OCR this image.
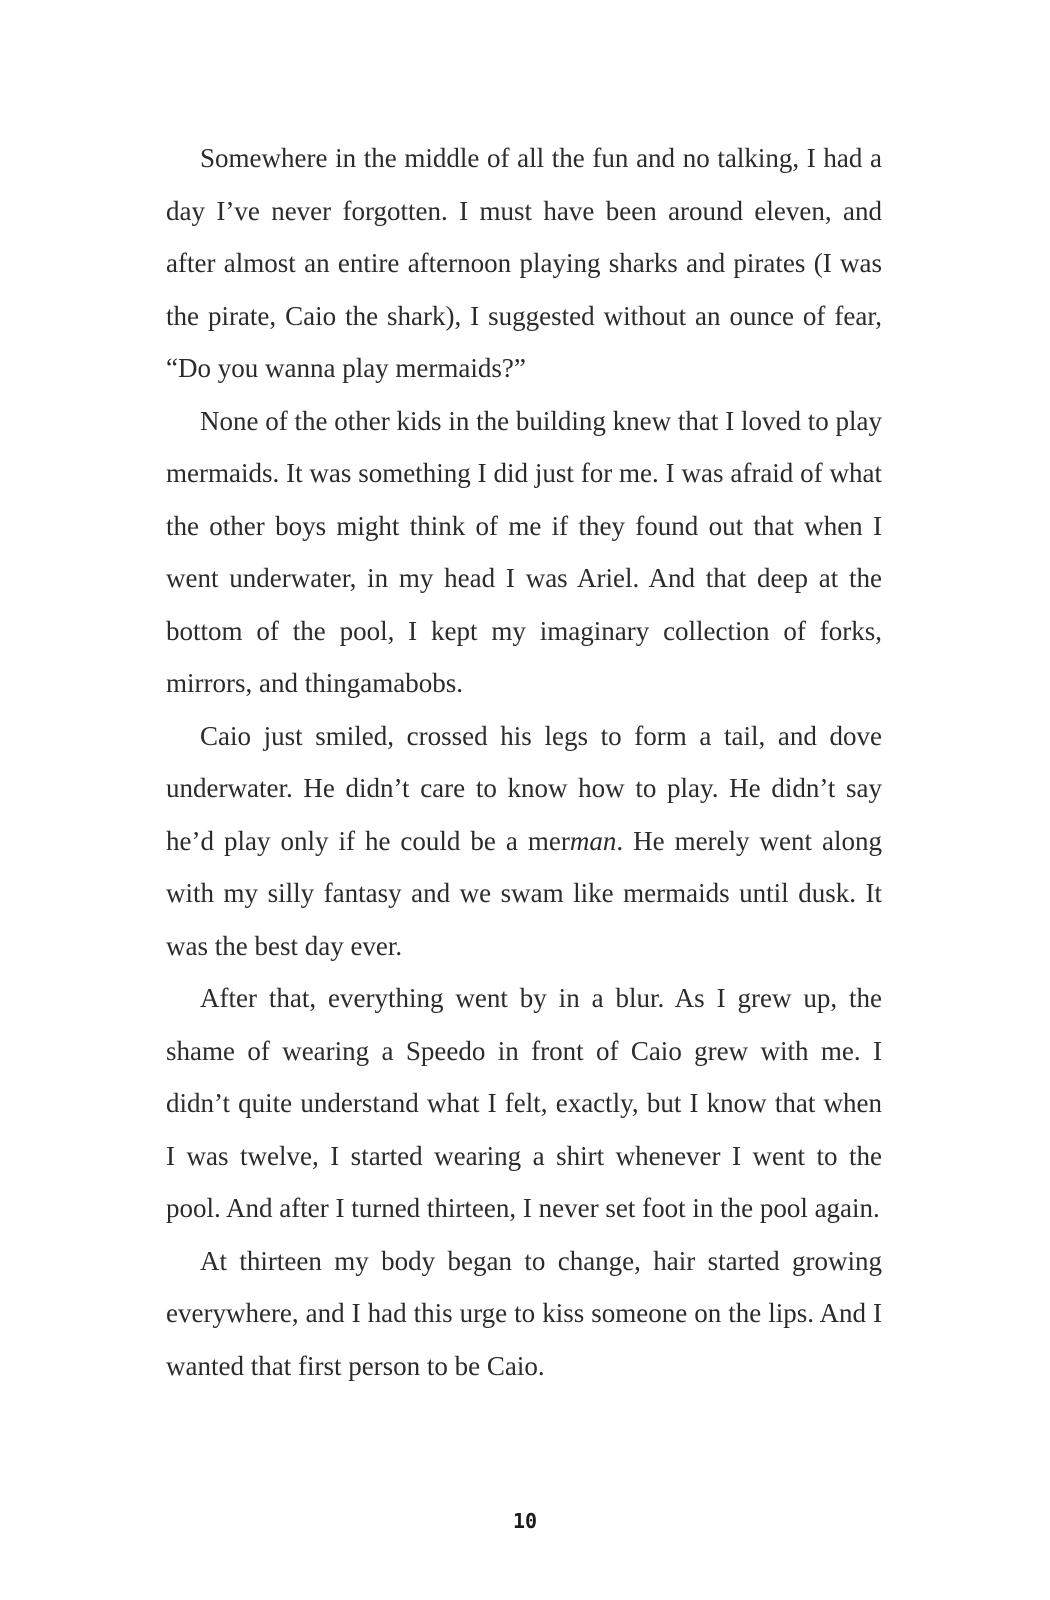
Somewhere in the middle of all the fun and no talking, I had a day I’ve never forgotten. I must have been around eleven, and after almost an entire afternoon playing sharks and pirates (I was the pirate, Caio the shark), I suggested without an ounce of fear, “Do you wanna play mermaids?”

None of the other kids in the building knew that I loved to play mermaids. It was something I did just for me. I was afraid of what the other boys might think of me if they found out that when I went underwater, in my head I was Ariel. And that deep at the bottom of the pool, I kept my imaginary collection of forks, mirrors, and thingamabobs.

Caio just smiled, crossed his legs to form a tail, and dove underwater. He didn’t care to know how to play. He didn’t say he’d play only if he could be a merman. He merely went along with my silly fantasy and we swam like mermaids until dusk. It was the best day ever.

After that, everything went by in a blur. As I grew up, the shame of wearing a Speedo in front of Caio grew with me. I didn’t quite understand what I felt, exactly, but I know that when I was twelve, I started wearing a shirt whenever I went to the pool. And after I turned thirteen, I never set foot in the pool again.

At thirteen my body began to change, hair started growing everywhere, and I had this urge to kiss someone on the lips. And I wanted that first person to be Caio.

10
